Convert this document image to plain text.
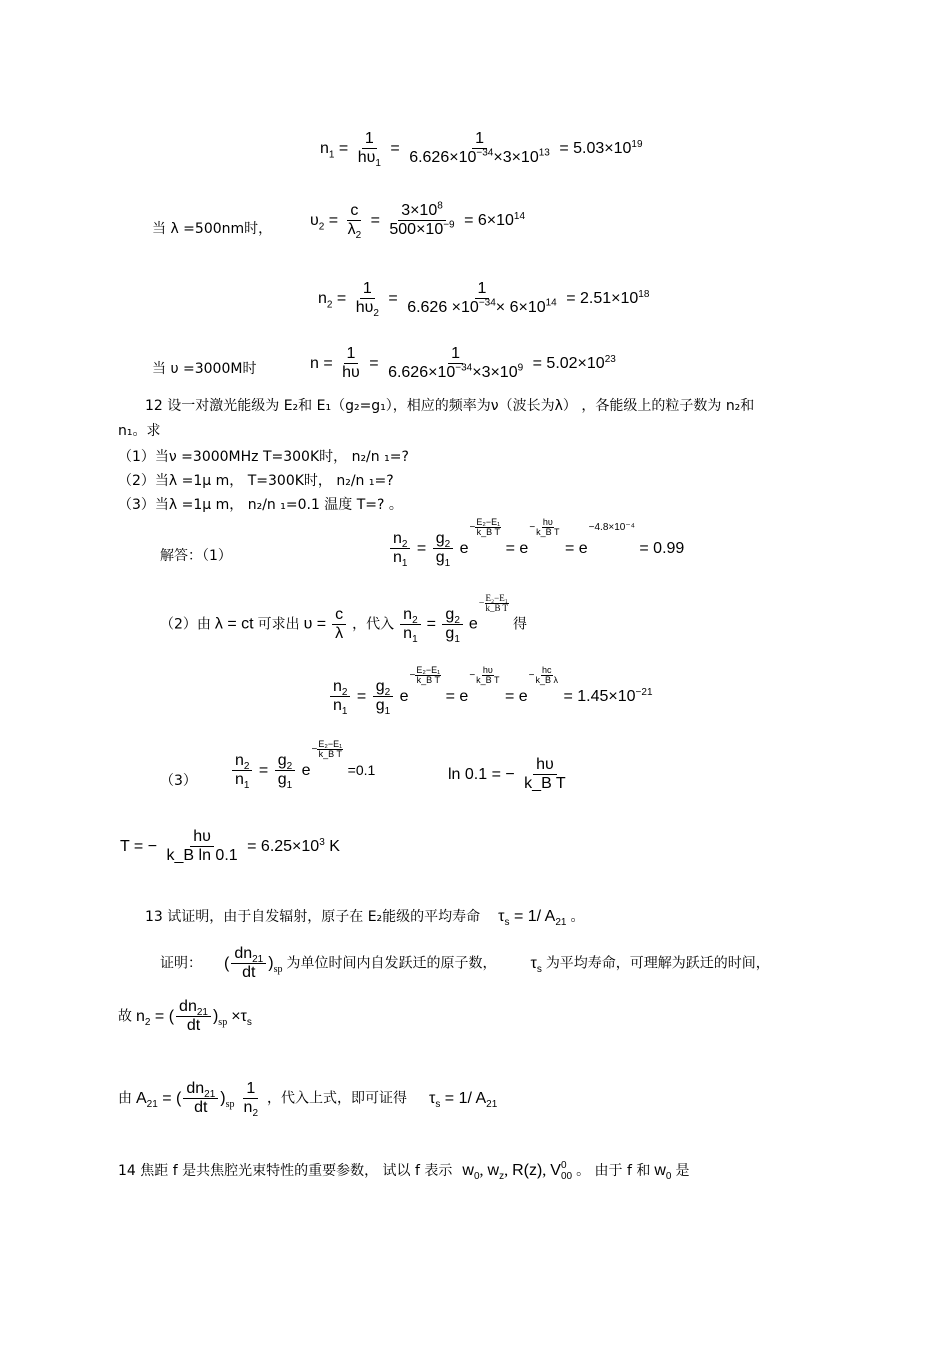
$n_1 = \frac{1}{h\upsilon_1} = \frac{1}{6.626\times 10^{-34}\times 3\times 10^{13}} = 5.03\times 10^{19}$
当 λ =500nm时， $\upsilon_2 = \frac{c}{\lambda_2} = \frac{3\times 10^8}{500\times 10^{-9}} = 6\times 10^{14}$
$n_2 = \frac{1}{h\upsilon_2} = \frac{1}{6.626 \times 10^{-34}\times 6\times 10^{14}} = 2.51\times 10^{18}$
当 υ =3000M时	$n = \frac{1}{h\upsilon} = \frac{1}{6.626\times 10^{-34}\times 3\times 10^9} = 5.02\times 10^{23}$
12 设一对激光能级为 E₂和 E₁（g₂=g₁），相应的频率为ν（波长为λ） ，各能级上的粒子数为 n₂和
n₁。求
（1）当ν =3000MHz T=300K时， n₂/n ₁=?
（2）当λ =1μ m， T=300K时， n₂/n ₁=?
（3）当λ =1μ m， n₂/n ₁=0.1 温度 T=? 。
解答：（1）	$\frac{n_2}{n_1} = \frac{g_2}{g_1} e- \frac{\text{E₂−E₁}}{\text{k\_B T}}$
= $e- \frac{h\upsilon}{\text{k\_B T}}$
= e−4.8×10⁻⁴ = 0.99
（2）由 λ = ct 可求出 $\upsilon = \frac{c}{\lambda}$ ，代入 $\frac{n_2}{n_1} = \frac{g_2}{g_1} e- \frac{\text{E₂−E₁}}{\text{k\_B T}}$
得
$\frac{n_2}{n_1} = \frac{g_2}{g_1} e- \frac{\text{E₂−E₁}}{\text{k\_B T}}$
= $e- \frac{h\upsilon}{\text{k\_B T}}$
= $e- \frac{hc}{\text{k\_B λ}}$
= $1.45\times 10^{-21}$
$(3) \frac{n_2}{n_1} = \frac{g_2}{g_1} e- \frac{\text{E₂−E₁}}{\text{k\_B T}}$
=0.1	ln 0.1 = − $\frac{h\upsilon}{\text{k\_B T}}$
T = − $\frac{h\upsilon}{\text{k\_B ln 0.1}} = 6.25\times 10^3$ K
13 试证明，由于自发辐射，原子在 E₂能级的平均寿命 $\tau_s = 1/$ $A_{21}$ 。
证明： ( $\frac{dn_{21}}{dt} )_{sp}$ 为单位时间内自发跃迁的原子数， $\tau_s$ 为平均寿命，可理解为跃迁的时间，
故 $n_2$ = ( $\frac{dn_{21}}{dt} )_{sp} \times\tau_s$
由 $A_{21}$ = ( $\frac{dn_{21}}{dt} )_{sp} \frac{1}{n_2}$ ，代入上式，即可证得 $\tau_s = 1/$ $A_{21}$
14 焦距 f 是共焦腔光束特性的重要参数， 试以 f 表示 $w_0$, $w_z$, R(z), V 0
00 。 由于 f 和 $w_0$ 是
